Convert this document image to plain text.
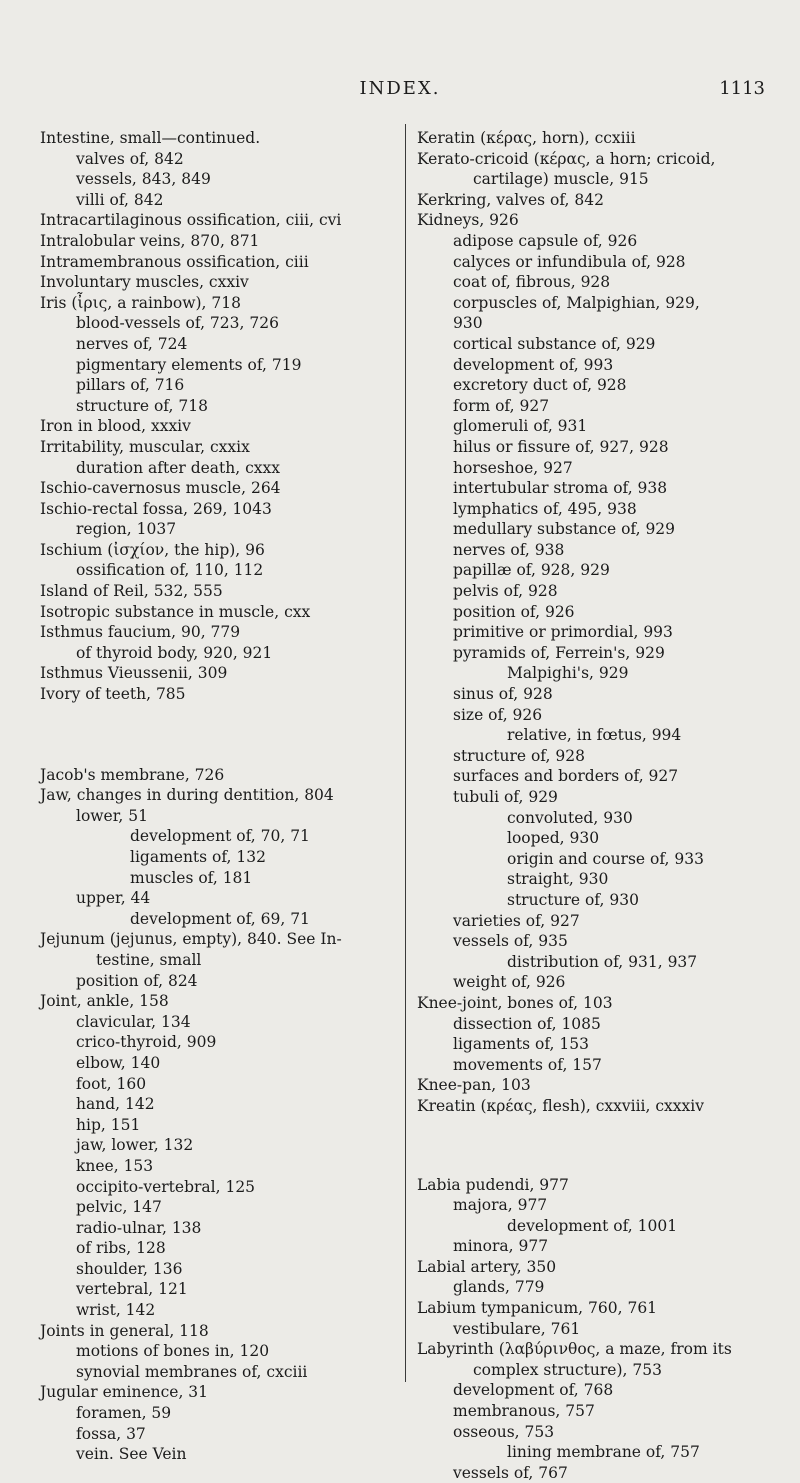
INDEX.	1113
Intestine, small—continued.
valves of, 842
vessels, 843, 849
villi of, 842
Intracartilaginous ossification, ciii, cvi
Intralobular veins, 870, 871
Intramembranous ossification, ciii
Involuntary muscles, cxxiv
Iris (ἶρις, a rainbow), 718
blood-vessels of, 723, 726
nerves of, 724
pigmentary elements of, 719
pillars of, 716
structure of, 718
Iron in blood, xxxiv
Irritability, muscular, cxxix
duration after death, cxxx
Ischio-cavernosus muscle, 264
Ischio-rectal fossa, 269, 1043
region, 1037
Ischium (ἰσχίον, the hip), 96
ossification of, 110, 112
Island of Reil, 532, 555
Isotropic substance in muscle, cxx
Isthmus faucium, 90, 779
of thyroid body, 920, 921
Isthmus Vieussenii, 309
Ivory of teeth, 785
Jacob's membrane, 726
Jaw, changes in during dentition, 804
lower, 51
development of, 70, 71
ligaments of, 132
muscles of, 181
upper, 44
development of, 69, 71
Jejunum (jejunus, empty), 840. See In-
testine, small
position of, 824
Joint, ankle, 158
clavicular, 134
crico-thyroid, 909
elbow, 140
foot, 160
hand, 142
hip, 151
jaw, lower, 132
knee, 153
occipito-vertebral, 125
pelvic, 147
radio-ulnar, 138
of ribs, 128
shoulder, 136
vertebral, 121
wrist, 142
Joints in general, 118
motions of bones in, 120
synovial membranes of, cxciii
Jugular eminence, 31
foramen, 59
fossa, 37
vein. See Vein
Keratin (κέρας, horn), ccxiii
Kerato-cricoid (κέρας, a horn; cricoid,
cartilage) muscle, 915
Kerkring, valves of, 842
Kidneys, 926
adipose capsule of, 926
calyces or infundibula of, 928
coat of, fibrous, 928
corpuscles of, Malpighian, 929,
930
cortical substance of, 929
development of, 993
excretory duct of, 928
form of, 927
glomeruli of, 931
hilus or fissure of, 927, 928
horseshoe, 927
intertubular stroma of, 938
lymphatics of, 495, 938
medullary substance of, 929
nerves of, 938
papillæ of, 928, 929
pelvis of, 928
position of, 926
primitive or primordial, 993
pyramids of, Ferrein's, 929
Malpighi's, 929
sinus of, 928
size of, 926
relative, in fœtus, 994
structure of, 928
surfaces and borders of, 927
tubuli of, 929
convoluted, 930
looped, 930
origin and course of, 933
straight, 930
structure of, 930
varieties of, 927
vessels of, 935
distribution of, 931, 937
weight of, 926
Knee-joint, bones of, 103
dissection of, 1085
ligaments of, 153
movements of, 157
Knee-pan, 103
Kreatin (κρέας, flesh), cxxviii, cxxxiv
Labia pudendi, 977
majora, 977
development of, 1001
minora, 977
Labial artery, 350
glands, 779
Labium tympanicum, 760, 761
vestibulare, 761
Labyrinth (λαβύρινθος, a maze, from its
complex structure), 753
development of, 768
membranous, 757
osseous, 753
lining membrane of, 757
vessels of, 767
